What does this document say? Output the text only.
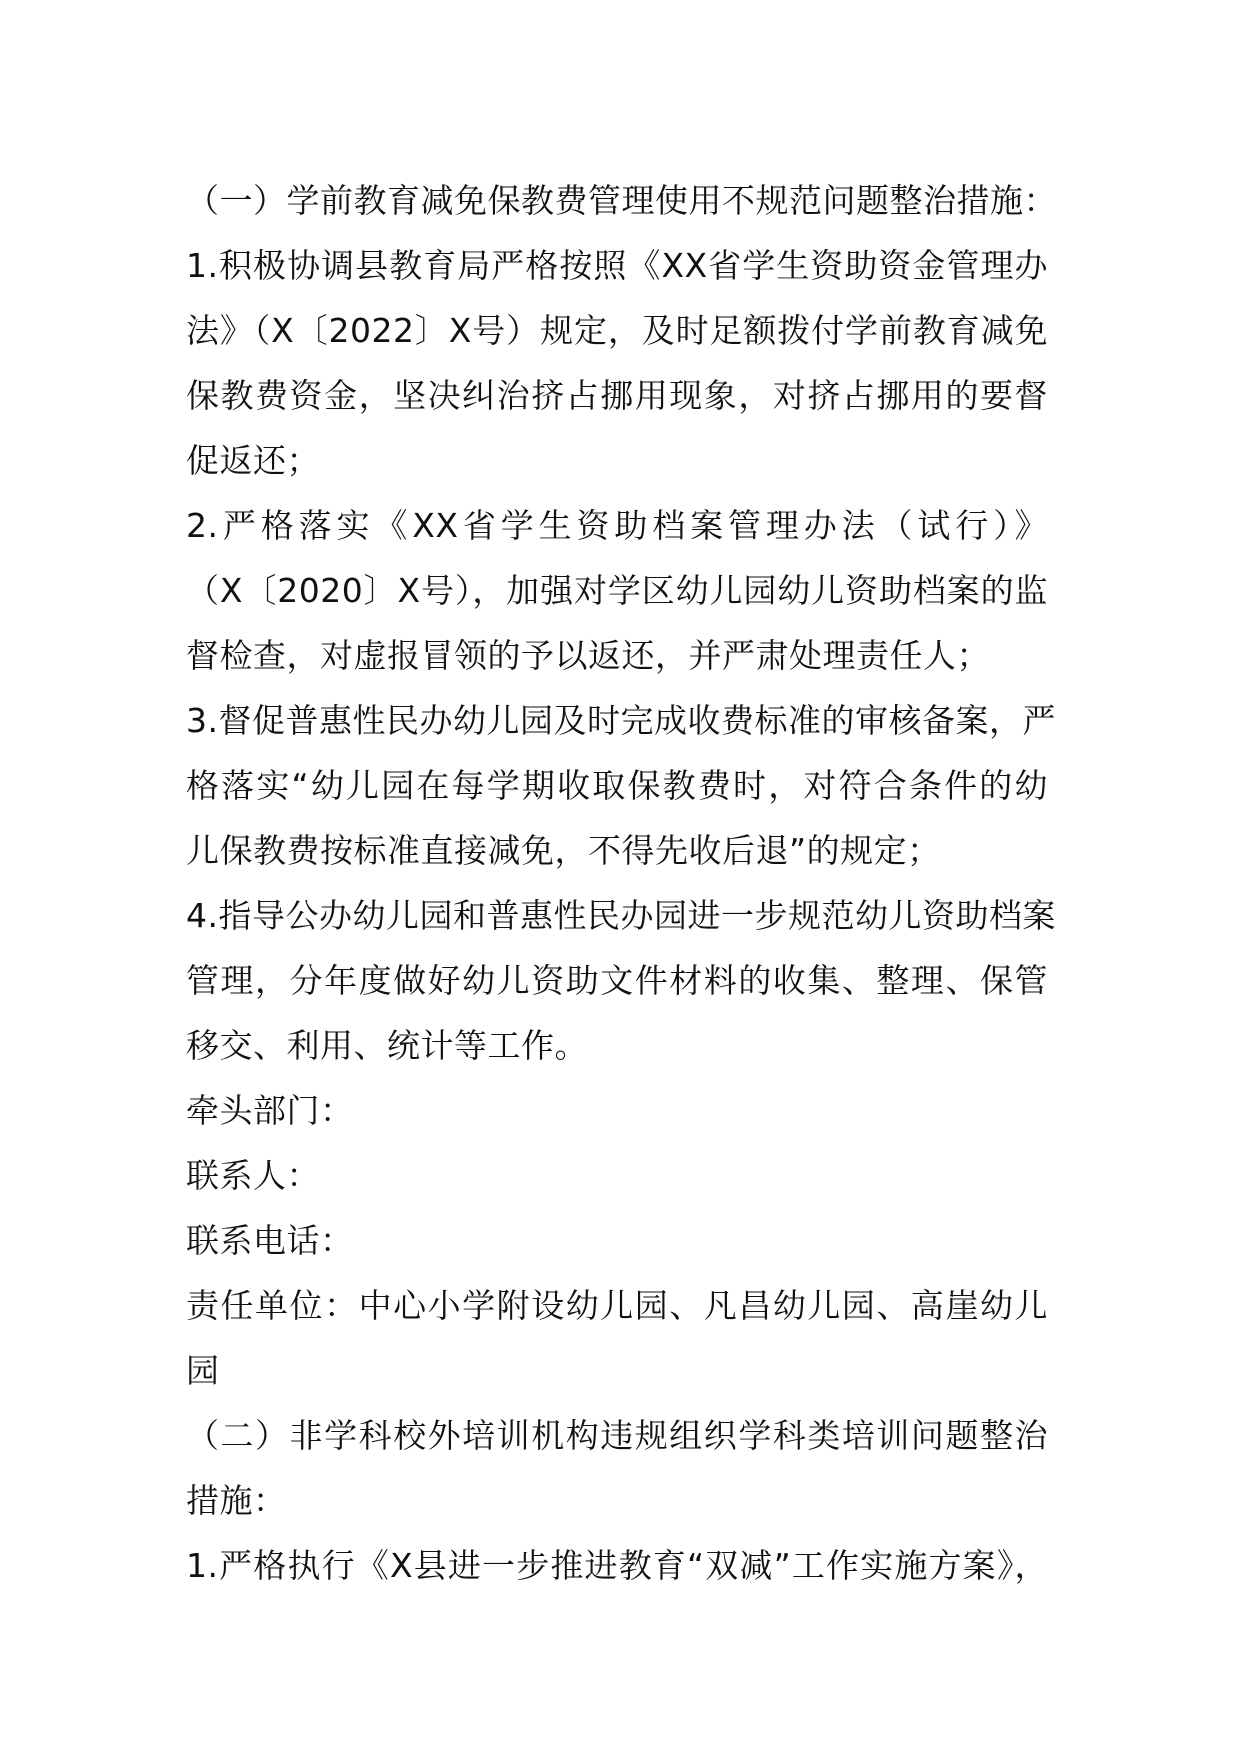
（一）学前教育减免保教费管理使用不规范问题整治措施：
1.积极协调县教育局严格按照《XX省学生资助资金管理办
法》（X〔2022〕X号）规定，及时足额拨付学前教育减免
保教费资金，坚决纠治挤占挪用现象，对挤占挪用的要督
促返还；
2.严格落实《XX省学生资助档案管理办法（试行）》
（X〔2020〕X号），加强对学区幼儿园幼儿资助档案的监
督检查，对虚报冒领的予以返还，并严肃处理责任人；
3.督促普惠性民办幼儿园及时完成收费标准的审核备案，严
格落实“幼儿园在每学期收取保教费时，对符合条件的幼
儿保教费按标准直接减免，不得先收后退”的规定；
4.指导公办幼儿园和普惠性民办园进一步规范幼儿资助档案
管理，分年度做好幼儿资助文件材料的收集、整理、保管
移交、利用、统计等工作。
牵头部门：
联系人：
联系电话：
责任单位：中心小学附设幼儿园、凡昌幼儿园、高崖幼儿
园
（二）非学科校外培训机构违规组织学科类培训问题整治
措施：
1.严格执行《X县进一步推进教育“双减”工作实施方案》，
